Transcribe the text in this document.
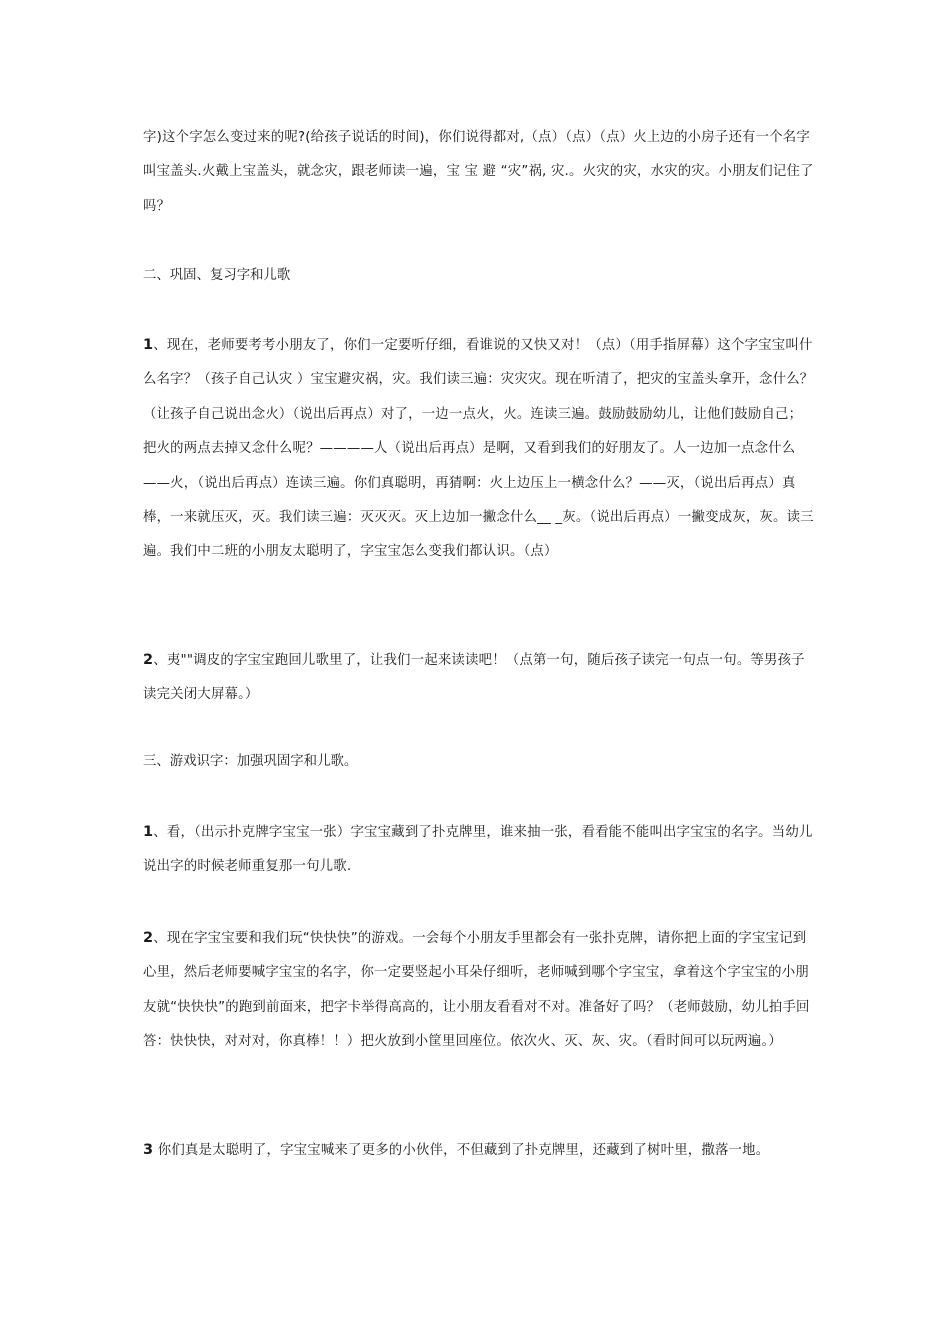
字)这个字怎么变过来的呢?(给孩子说话的时间)，你们说得都对,（点）（点）（点）火上边的小房子还有一个名字叫宝盖头.火戴上宝盖头，就念灾，跟老师读一遍，宝 宝 避 “灾”祸, 灾.。火灾的灾，水灾的灾。小朋友们记住了吗？

二、巩固、复习字和儿歌

1、现在，老师要考考小朋友了，你们一定要听仔细，看谁说的又快又对！（点）（用手指屏幕）这个字宝宝叫什么名字？（孩子自己认灾 ）宝宝避灾祸，灾。我们读三遍：灾灾灾。现在听清了，把灾的宝盖头拿开，念什么？（让孩子自己说出念火）（说出后再点）对了，一边一点火，火。连读三遍。鼓励鼓励幼儿，让他们鼓励自己；把火的两点去掉又念什么呢？————人（说出后再点）是啊，又看到我们的好朋友了。人一边加一点念什么——火，（说出后再点）连读三遍。你们真聪明，再猜啊：火上边压上一横念什么？——灭，（说出后再点）真棒，一来就压灭，灭。我们读三遍：灭灭灭。灭上边加一撇念什么__ _灰。（说出后再点）一撇变成灰，灰。读三遍。我们中二班的小朋友太聪明了，字宝宝怎么变我们都认识。（点）

2、夷""调皮的字宝宝跑回儿歌里了，让我们一起来读读吧！（点第一句，随后孩子读完一句点一句。等男孩子读完关闭大屏幕。）

三、游戏识字：加强巩固字和儿歌。

1、看，（出示扑克牌字宝宝一张）字宝宝藏到了扑克牌里，谁来抽一张，看看能不能叫出字宝宝的名字。当幼儿说出字的时候老师重复那一句儿歌.

2、现在字宝宝要和我们玩“快快快”的游戏。一会每个小朋友手里都会有一张扑克牌，请你把上面的字宝宝记到心里，然后老师要喊字宝宝的名字，你一定要竖起小耳朵仔细听，老师喊到哪个字宝宝，拿着这个字宝宝的小朋友就“快快快”的跑到前面来，把字卡举得高高的，让小朋友看看对不对。准备好了吗？（老师鼓励，幼儿拍手回答：快快快，对对对，你真棒！！）把火放到小筐里回座位。依次火、灭、灰、灾。（看时间可以玩两遍。）

3 你们真是太聪明了，字宝宝喊来了更多的小伙伴，不但藏到了扑克牌里，还藏到了树叶里，撒落一地。
